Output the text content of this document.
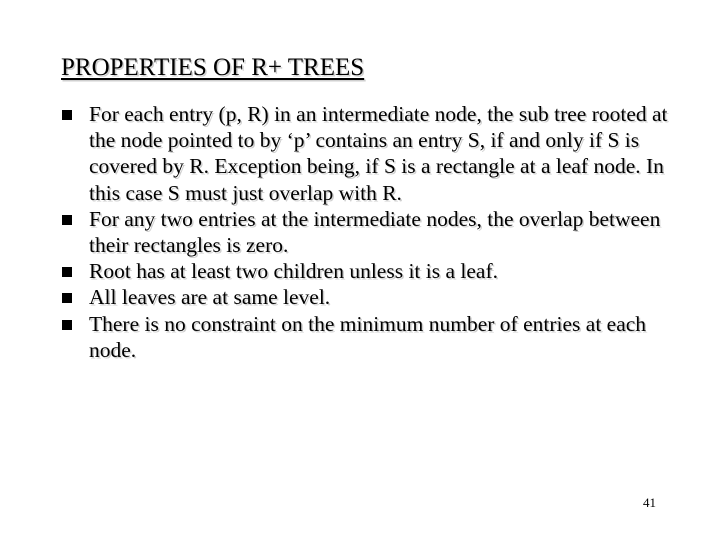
PROPERTIES OF R+ TREES
For each entry (p, R) in an intermediate node, the sub tree rooted at the node pointed to by ‘p’ contains an entry S, if and only if S is covered by R. Exception being, if S is a rectangle at a leaf node. In this case S must just overlap with R.
For any two entries at the intermediate nodes, the overlap between their rectangles is zero.
Root has at least two children unless it is a leaf.
All leaves are at same level.
There is no constraint on the minimum number of entries at each node.
41
